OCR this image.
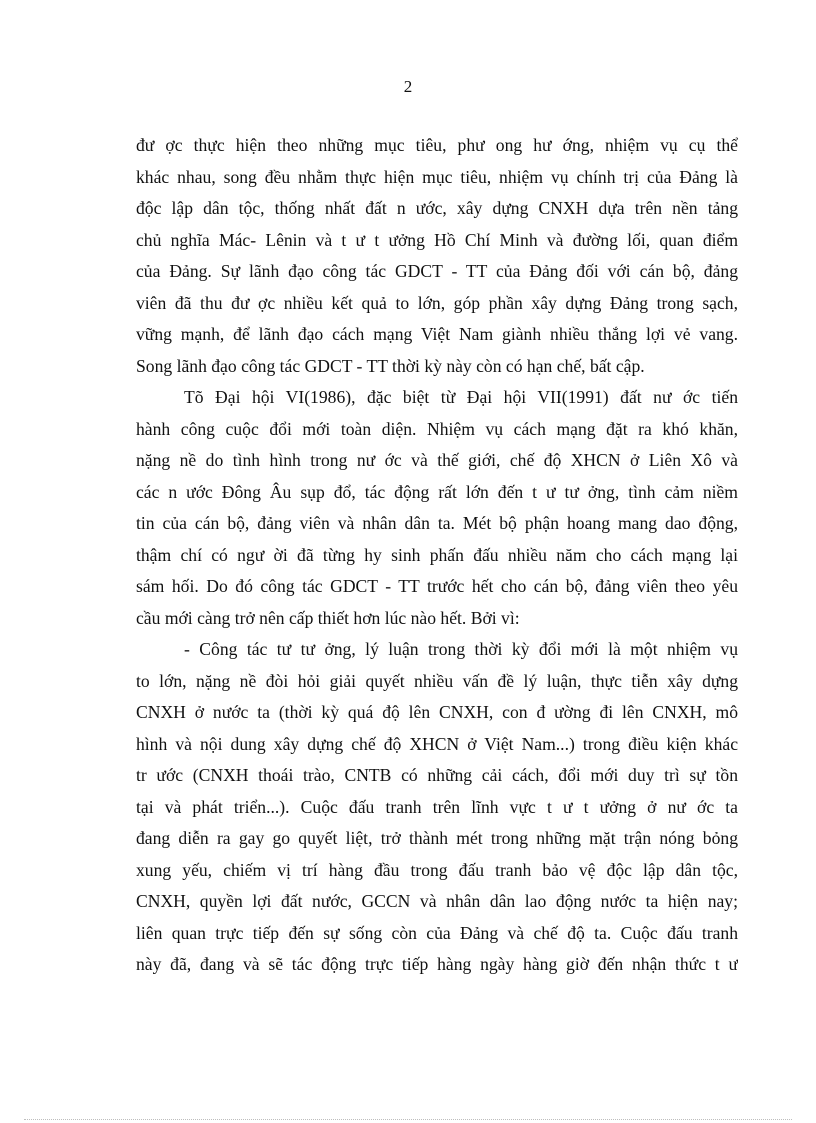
2
đư ợc thực hiện theo những mục tiêu, phư ong hư ớng, nhiệm vụ cụ thể
khác nhau, song đều nhằm thực hiện mục tiêu, nhiệm vụ chính trị của Đảng là
độc lập dân tộc, thống nhất đất n ước, xây dựng CNXH dựa trên nền tảng
chủ nghĩa Mác- Lênin và t ư t ưởng Hồ Chí Minh và đường lối, quan điểm
của Đảng. Sự lãnh đạo công tác GDCT - TT của Đảng đối với cán bộ, đảng
viên đã thu đư ợc nhiều kết quả to lớn, góp phần xây dựng Đảng trong sạch,
vững mạnh, để lãnh đạo cách mạng Việt Nam giành nhiều thắng lợi vẻ vang.
Song lãnh đạo công tác GDCT - TT thời kỳ này còn có hạn chế, bất cập.
Tõ Đại hội VI(1986), đặc biệt từ Đại hội VII(1991) đất nư ớc tiến
hành công cuộc đổi mới toàn diện. Nhiệm vụ cách mạng đặt ra khó khăn,
nặng nề do tình hình trong nư ớc và thế giới, chế độ XHCN ở Liên Xô và
các n ước Đông Âu sụp đổ, tác động rất lớn đến t ư tư ởng, tình cảm niềm
tin của cán bộ, đảng viên và nhân dân ta. Mét bộ phận hoang mang dao động,
thậm chí có ngư ời đã từng hy sinh phấn đấu nhiều năm cho cách mạng lại
sám hối. Do đó công tác GDCT - TT trước hết cho cán bộ, đảng viên theo yêu
cầu mới càng trở nên cấp thiết hơn lúc nào hết. Bởi vì:
- Công tác tư tư ởng, lý luận trong thời kỳ đổi mới là một nhiệm vụ
to lớn, nặng nề đòi hỏi giải quyết nhiều vấn đề lý luận, thực tiễn xây dựng
CNXH ở nước ta (thời kỳ quá độ lên CNXH, con đ ường đi lên CNXH, mô
hình và nội dung xây dựng chế độ XHCN ở Việt Nam...) trong điều kiện khác
tr ước (CNXH thoái trào, CNTB có những cải cách, đổi mới duy trì sự tồn
tại và phát triển...). Cuộc đấu tranh trên lĩnh vực t ư t ưởng ở nư ớc ta
đang diễn ra gay go quyết liệt, trở thành mét trong những mặt trận nóng bỏng
xung yếu, chiếm vị trí hàng đầu trong đấu tranh bảo vệ độc lập dân tộc,
CNXH, quyền lợi đất nước, GCCN và nhân dân lao động nước ta hiện nay;
liên quan trực tiếp đến sự sống còn của Đảng và chế độ ta. Cuộc đấu tranh
này đã, đang và sẽ tác động trực tiếp hàng ngày hàng giờ đến nhận thức t ư
